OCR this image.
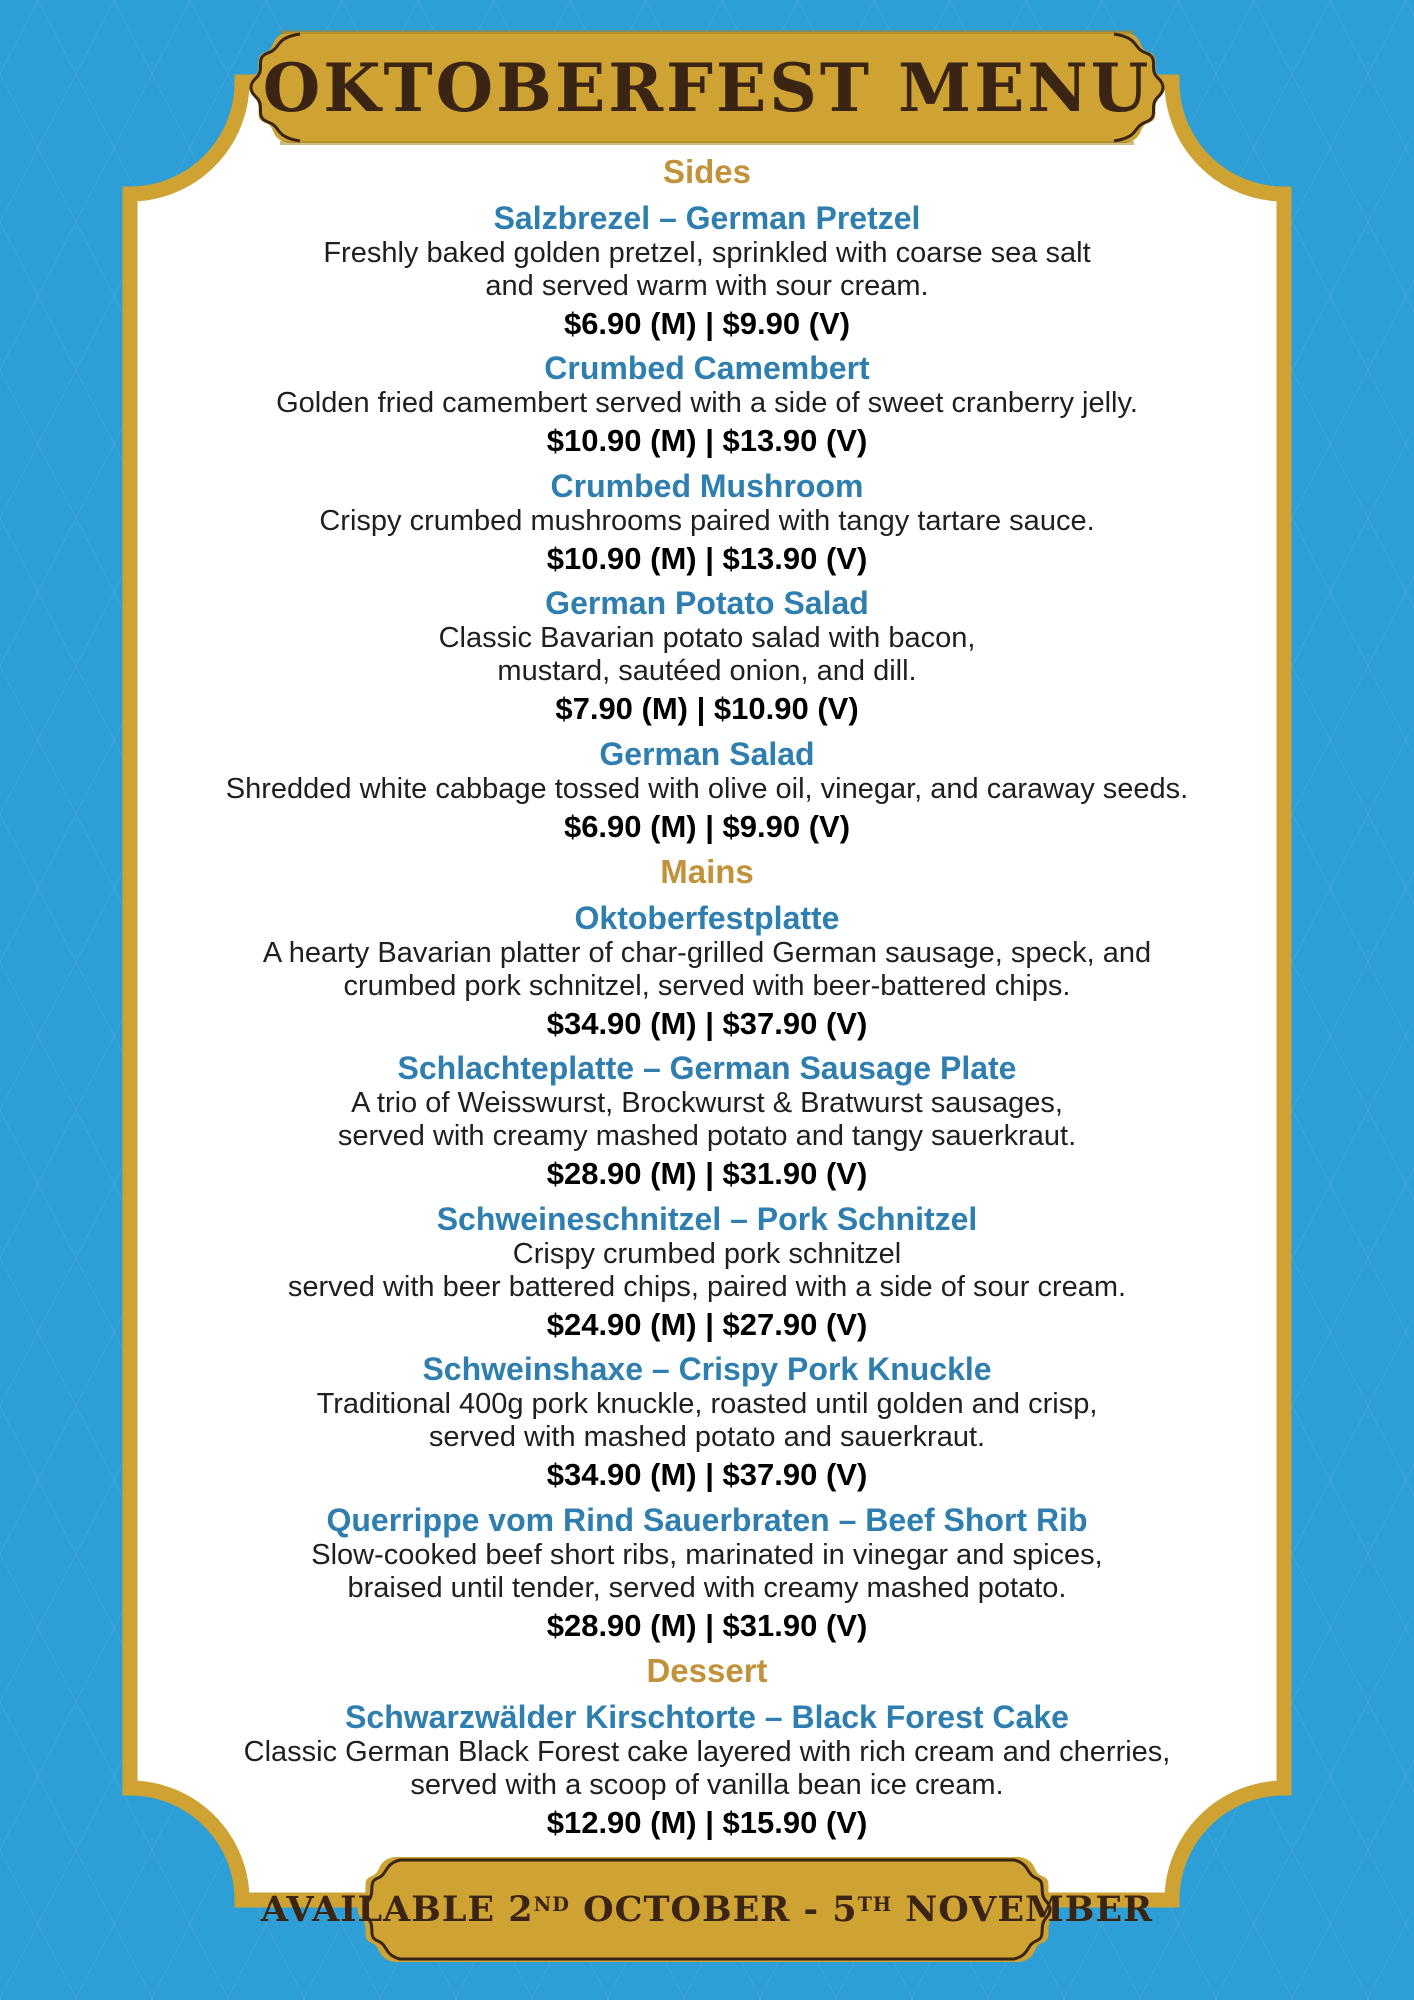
OKTOBERFEST MENU
Sides
Salzbrezel – German Pretzel
Freshly baked golden pretzel, sprinkled with coarse sea salt
and served warm with sour cream.
$6.90 (M) | $9.90 (V)
Crumbed Camembert
Golden fried camembert served with a side of sweet cranberry jelly.
$10.90 (M) | $13.90 (V)
Crumbed Mushroom
Crispy crumbed mushrooms paired with tangy tartare sauce.
$10.90 (M) | $13.90 (V)
German Potato Salad
Classic Bavarian potato salad with bacon,
mustard, sautéed onion, and dill.
$7.90 (M) | $10.90 (V)
German Salad
Shredded white cabbage tossed with olive oil, vinegar, and caraway seeds.
$6.90 (M) | $9.90 (V)
Mains
Oktoberfestplatte
A hearty Bavarian platter of char-grilled German sausage, speck, and
crumbed pork schnitzel, served with beer-battered chips.
$34.90 (M) | $37.90 (V)
Schlachteplatte – German Sausage Plate
A trio of Weisswurst, Brockwurst & Bratwurst sausages,
served with creamy mashed potato and tangy sauerkraut.
$28.90 (M) | $31.90 (V)
Schweineschnitzel – Pork Schnitzel
Crispy crumbed pork schnitzel
served with beer battered chips, paired with a side of sour cream.
$24.90 (M) | $27.90 (V)
Schweinshaxe – Crispy Pork Knuckle
Traditional 400g pork knuckle, roasted until golden and crisp,
served with mashed potato and sauerkraut.
$34.90 (M) | $37.90 (V)
Querrippe vom Rind Sauerbraten – Beef Short Rib
Slow-cooked beef short ribs, marinated in vinegar and spices,
braised until tender, served with creamy mashed potato.
$28.90 (M) | $31.90 (V)
Dessert
Schwarzwälder Kirschtorte – Black Forest Cake
Classic German Black Forest cake layered with rich cream and cherries,
served with a scoop of vanilla bean ice cream.
$12.90 (M) | $15.90 (V)
AVAILABLE 2ND OCTOBER - 5TH NOVEMBER
